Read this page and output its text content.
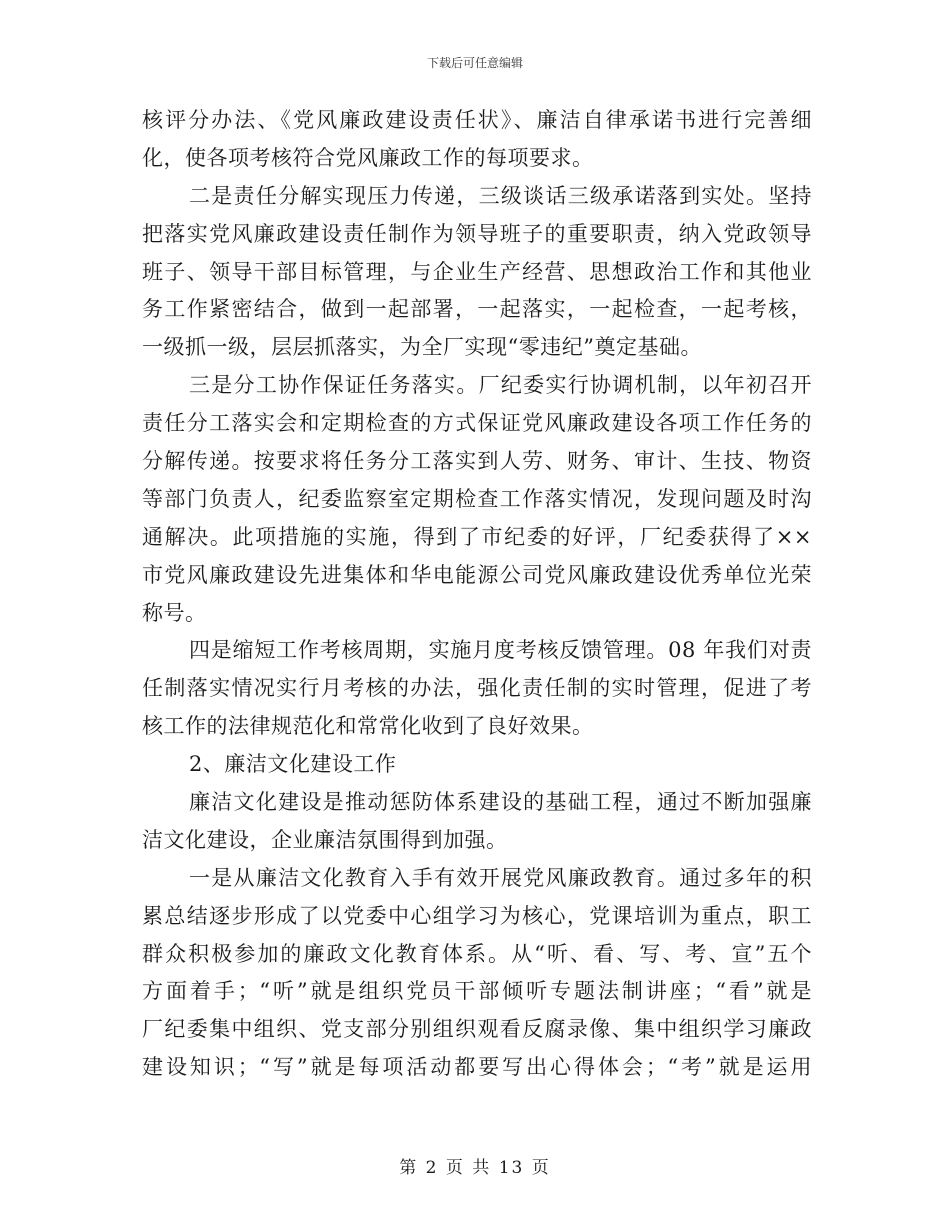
下载后可任意编辑
核评分办法、《党风廉政建设责任状》、廉洁自律承诺书进行完善细
化，使各项考核符合党风廉政工作的每项要求。
二是责任分解实现压力传递，三级谈话三级承诺落到实处。坚持
把落实党风廉政建设责任制作为领导班子的重要职责，纳入党政领导
班子、领导干部目标管理，与企业生产经营、思想政治工作和其他业
务工作紧密结合，做到一起部署，一起落实，一起检查，一起考核，
一级抓一级，层层抓落实，为全厂实现“零违纪”奠定基础。
三是分工协作保证任务落实。厂纪委实行协调机制，以年初召开
责任分工落实会和定期检查的方式保证党风廉政建设各项工作任务的
分解传递。按要求将任务分工落实到人劳、财务、审计、生技、物资
等部门负责人，纪委监察室定期检查工作落实情况，发现问题及时沟
通解决。此项措施的实施，得到了市纪委的好评，厂纪委获得了××
市党风廉政建设先进集体和华电能源公司党风廉政建设优秀单位光荣
称号。
四是缩短工作考核周期，实施月度考核反馈管理。08 年我们对责
任制落实情况实行月考核的办法，强化责任制的实时管理，促进了考
核工作的法律规范化和常常化收到了良好效果。
2、廉洁文化建设工作
廉洁文化建设是推动惩防体系建设的基础工程，通过不断加强廉
洁文化建设，企业廉洁氛围得到加强。
一是从廉洁文化教育入手有效开展党风廉政教育。通过多年的积
累总结逐步形成了以党委中心组学习为核心，党课培训为重点，职工
群众积极参加的廉政文化教育体系。从“听、看、写、考、宣”五个
方面着手；“听”就是组织党员干部倾听专题法制讲座；“看”就是
厂纪委集中组织、党支部分别组织观看反腐录像、集中组织学习廉政
建设知识；“写”就是每项活动都要写出心得体会；“考”就是运用
第 2 页 共 13 页
